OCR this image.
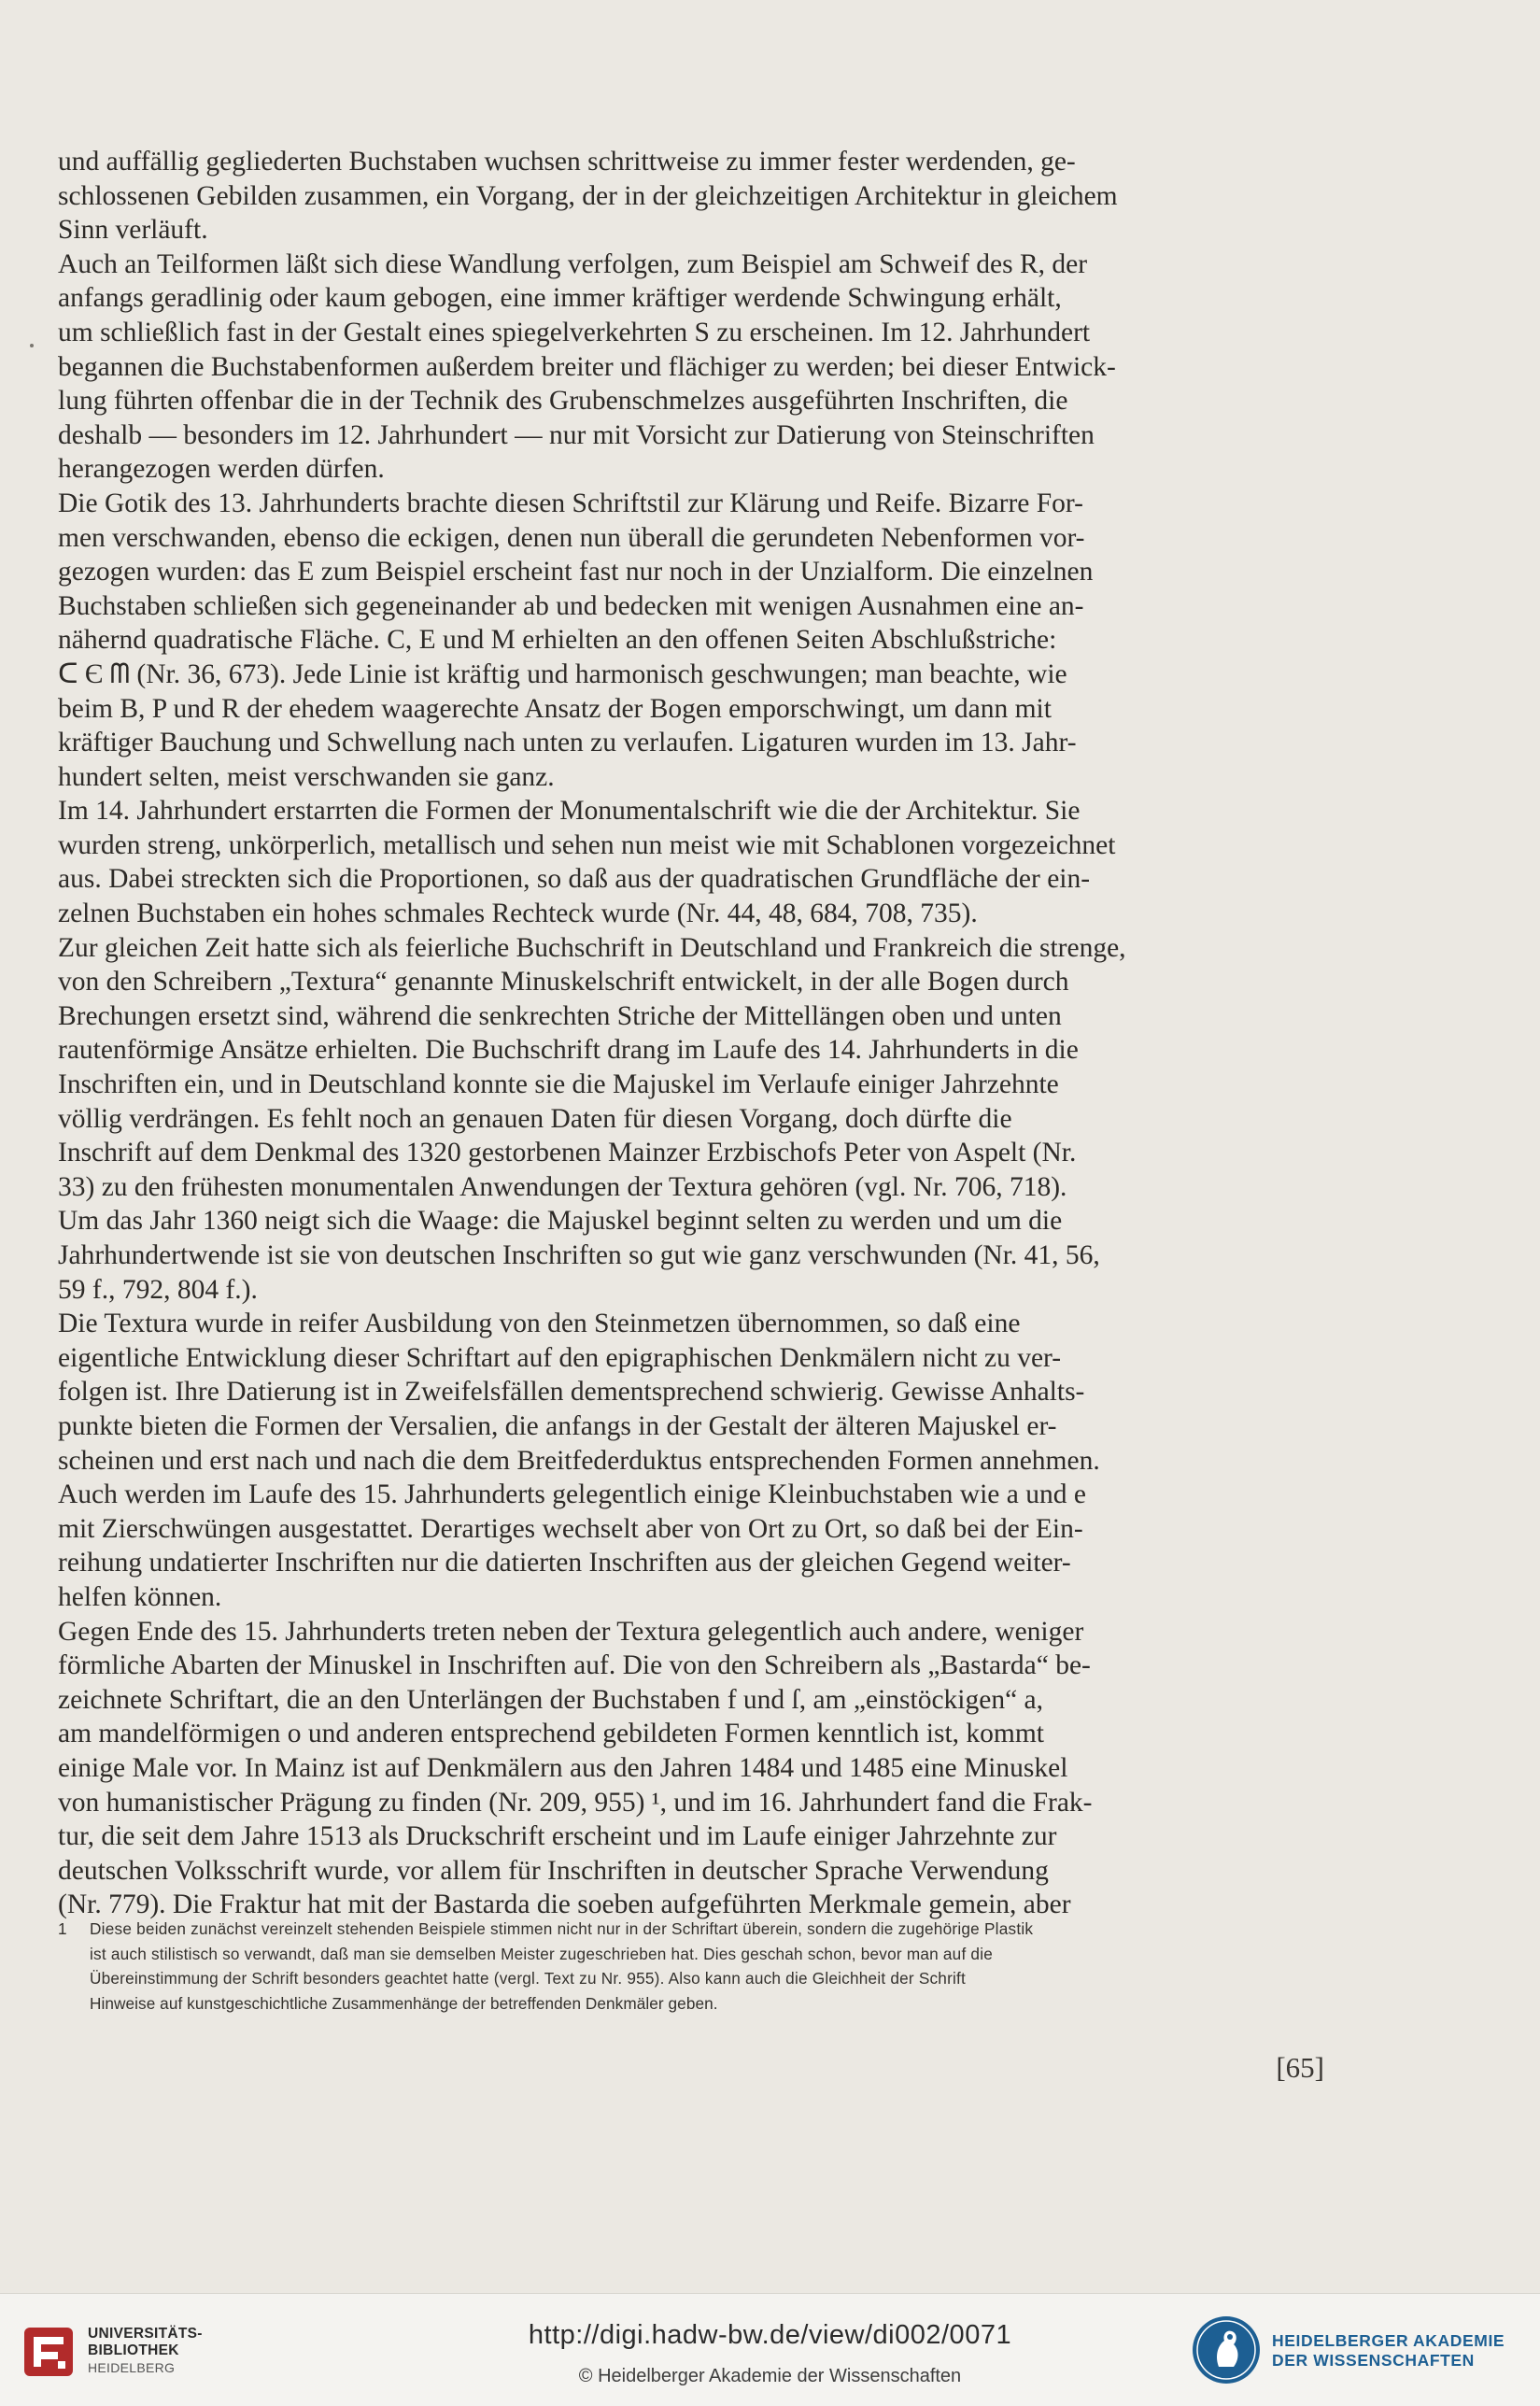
und auffällig gegliederten Buchstaben wuchsen schrittweise zu immer fester werdenden, ge-
schlossenen Gebilden zusammen, ein Vorgang, der in der gleichzeitigen Architektur in gleichem
Sinn verläuft.
Auch an Teilformen läßt sich diese Wandlung verfolgen, zum Beispiel am Schweif des R, der
anfangs geradlinig oder kaum gebogen, eine immer kräftiger werdende Schwingung erhält,
um schließlich fast in der Gestalt eines spiegelverkehrten S zu erscheinen. Im 12. Jahrhundert
begannen die Buchstabenformen außerdem breiter und flächiger zu werden; bei dieser Entwick-
lung führten offenbar die in der Technik des Grubenschmelzes ausgeführten Inschriften, die
deshalb — besonders im 12. Jahrhundert — nur mit Vorsicht zur Datierung von Steinschriften
herangezogen werden dürfen.
Die Gotik des 13. Jahrhunderts brachte diesen Schriftstil zur Klärung und Reife. Bizarre For-
men verschwanden, ebenso die eckigen, denen nun überall die gerundeten Nebenformen vor-
gezogen wurden: das E zum Beispiel erscheint fast nur noch in der Unzialform. Die einzelnen
Buchstaben schließen sich gegeneinander ab und bedecken mit wenigen Ausnahmen eine an-
nähernd quadratische Fläche. C, E und M erhielten an den offenen Seiten Abschlußstriche:
ᑕ Є ᗰ (Nr. 36, 673). Jede Linie ist kräftig und harmonisch geschwungen; man beachte, wie
beim B, P und R der ehedem waagerechte Ansatz der Bogen emporschwingt, um dann mit
kräftiger Bauchung und Schwellung nach unten zu verlaufen. Ligaturen wurden im 13. Jahr-
hundert selten, meist verschwanden sie ganz.
Im 14. Jahrhundert erstarrten die Formen der Monumentalschrift wie die der Architektur. Sie
wurden streng, unkörperlich, metallisch und sehen nun meist wie mit Schablonen vorgezeichnet
aus. Dabei streckten sich die Proportionen, so daß aus der quadratischen Grundfläche der ein-
zelnen Buchstaben ein hohes schmales Rechteck wurde (Nr. 44, 48, 684, 708, 735).
Zur gleichen Zeit hatte sich als feierliche Buchschrift in Deutschland und Frankreich die strenge,
von den Schreibern „Textura“ genannte Minuskelschrift entwickelt, in der alle Bogen durch
Brechungen ersetzt sind, während die senkrechten Striche der Mittellängen oben und unten
rautenförmige Ansätze erhielten. Die Buchschrift drang im Laufe des 14. Jahrhunderts in die
Inschriften ein, und in Deutschland konnte sie die Majuskel im Verlaufe einiger Jahrzehnte
völlig verdrängen. Es fehlt noch an genauen Daten für diesen Vorgang, doch dürfte die
Inschrift auf dem Denkmal des 1320 gestorbenen Mainzer Erzbischofs Peter von Aspelt (Nr.
33) zu den frühesten monumentalen Anwendungen der Textura gehören (vgl. Nr. 706, 718).
Um das Jahr 1360 neigt sich die Waage: die Majuskel beginnt selten zu werden und um die
Jahrhundertwende ist sie von deutschen Inschriften so gut wie ganz verschwunden (Nr. 41, 56,
59 f., 792, 804 f.).
Die Textura wurde in reifer Ausbildung von den Steinmetzen übernommen, so daß eine
eigentliche Entwicklung dieser Schriftart auf den epigraphischen Denkmälern nicht zu ver-
folgen ist. Ihre Datierung ist in Zweifelsfällen dementsprechend schwierig. Gewisse Anhalts-
punkte bieten die Formen der Versalien, die anfangs in der Gestalt der älteren Majuskel er-
scheinen und erst nach und nach die dem Breitfederduktus entsprechenden Formen annehmen.
Auch werden im Laufe des 15. Jahrhunderts gelegentlich einige Kleinbuchstaben wie a und e
mit Zierschwüngen ausgestattet. Derartiges wechselt aber von Ort zu Ort, so daß bei der Ein-
reihung undatierter Inschriften nur die datierten Inschriften aus der gleichen Gegend weiter-
helfen können.
Gegen Ende des 15. Jahrhunderts treten neben der Textura gelegentlich auch andere, weniger
förmliche Abarten der Minuskel in Inschriften auf. Die von den Schreibern als „Bastarda“ be-
zeichnete Schriftart, die an den Unterlängen der Buchstaben f und ſ, am „einstöckigen“ a,
am mandelförmigen o und anderen entsprechend gebildeten Formen kenntlich ist, kommt
einige Male vor. In Mainz ist auf Denkmälern aus den Jahren 1484 und 1485 eine Minuskel
von humanistischer Prägung zu finden (Nr. 209, 955) ¹, und im 16. Jahrhundert fand die Frak-
tur, die seit dem Jahre 1513 als Druckschrift erscheint und im Laufe einiger Jahrzehnte zur
deutschen Volksschrift wurde, vor allem für Inschriften in deutscher Sprache Verwendung
(Nr. 779). Die Fraktur hat mit der Bastarda die soeben aufgeführten Merkmale gemein, aber
1	Diese beiden zunächst vereinzelt stehenden Beispiele stimmen nicht nur in der Schriftart überein, sondern die zugehörige Plastik
ist auch stilistisch so verwandt, daß man sie demselben Meister zugeschrieben hat. Dies geschah schon, bevor man auf die
Übereinstimmung der Schrift besonders geachtet hatte (vergl. Text zu Nr. 955). Also kann auch die Gleichheit der Schrift
Hinweise auf kunstgeschichtliche Zusammenhänge der betreffenden Denkmäler geben.
[65]
UNIVERSITÄTS-
BIBLIOTHEK
HEIDELBERG
http://digi.hadw-bw.de/view/di002/0071
© Heidelberger Akademie der Wissenschaften
HEIDELBERGER AKADEMIE
DER WISSENSCHAFTEN
